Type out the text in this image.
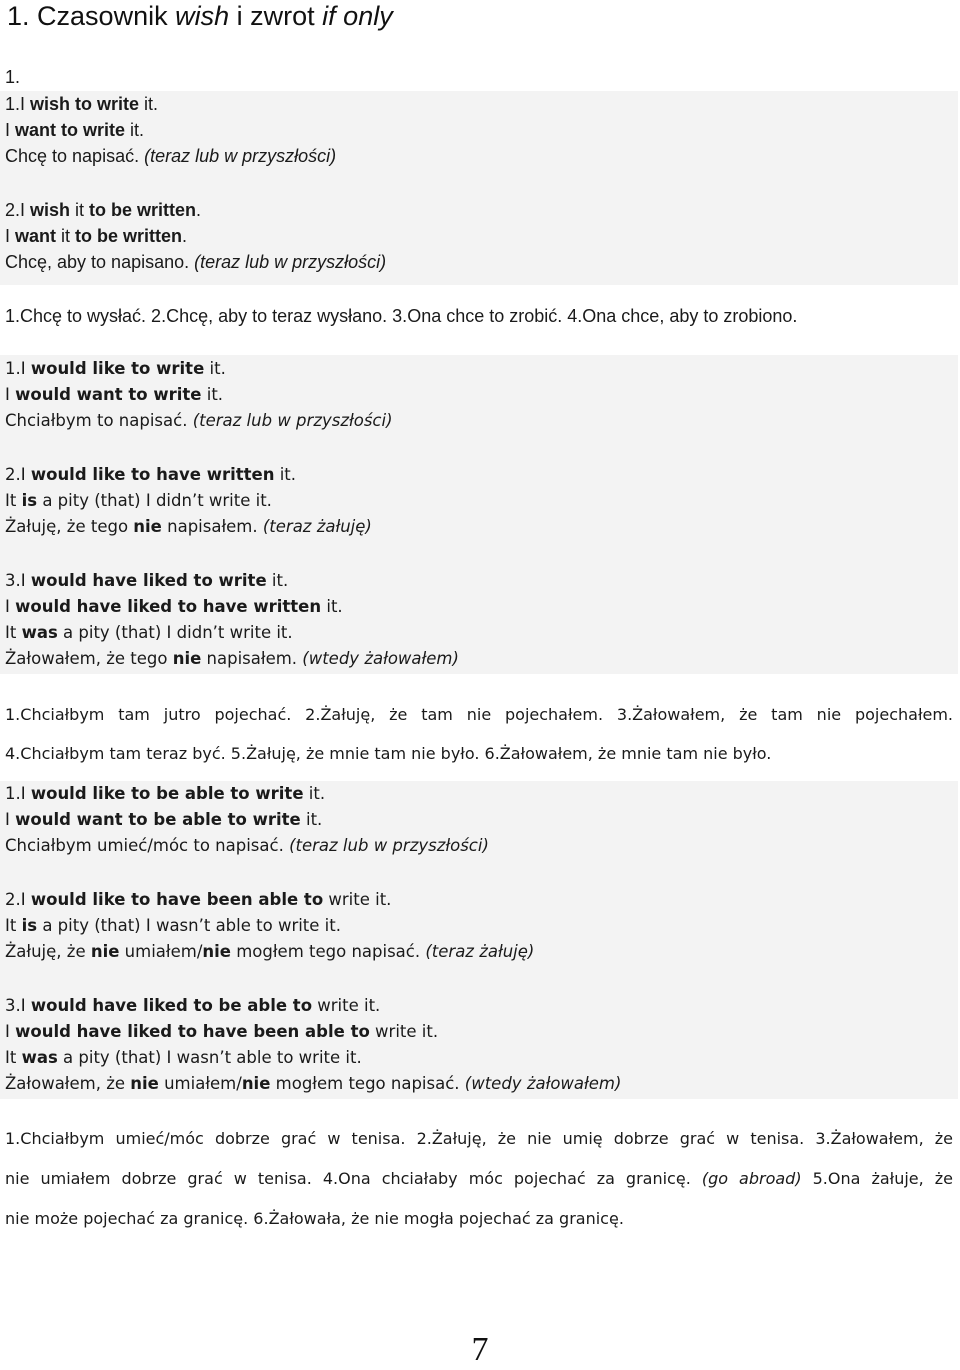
1. Czasownik wish i zwrot if only
1.
1.I wish to write it.
I want to write it.
Chcę to napisać. (teraz lub w przyszłości)
2.I wish it to be written.
I want it to be written.
Chcę, aby to napisano. (teraz lub w przyszłości)
1.Chcę to wysłać. 2.Chcę, aby to teraz wysłano. 3.Ona chce to zrobić. 4.Ona chce, aby to zrobiono.
1.I would like to write it.
I would want to write it.
Chciałbym to napisać. (teraz lub w przyszłości)
2.I would like to have written it.
It is a pity (that) I didn’t write it.
Żałuję, że tego nie napisałem. (teraz żałuję)
3.I would have liked to write it.
I would have liked to have written it.
It was a pity (that) I didn’t write it.
Żałowałem, że tego nie napisałem. (wtedy żałowałem)
1.Chciałbym tam jutro pojechać. 2.Żałuję, że tam nie pojechałem. 3.Żałowałem, że tam nie pojechałem.
4.Chciałbym tam teraz być. 5.Żałuję, że mnie tam nie było. 6.Żałowałem, że mnie tam nie było.
1.I would like to be able to write it.
I would want to be able to write it.
Chciałbym umieć/móc to napisać. (teraz lub w przyszłości)
2.I would like to have been able to write it.
It is a pity (that) I wasn’t able to write it.
Żałuję, że nie umiałem/nie mogłem tego napisać. (teraz żałuję)
3.I would have liked to be able to write it.
I would have liked to have been able to write it.
It was a pity (that) I wasn’t able to write it.
Żałowałem, że nie umiałem/nie mogłem tego napisać. (wtedy żałowałem)
1.Chciałbym umieć/móc dobrze grać w tenisa. 2.Żałuję, że nie umię dobrze grać w tenisa. 3.Żałowałem, że
nie umiałem dobrze grać w tenisa. 4.Ona chciałaby móc pojechać za granicę. (go abroad) 5.Ona żałuje, że
nie może pojechać za granicę. 6.Żałowała, że nie mogła pojechać za granicę.
7
